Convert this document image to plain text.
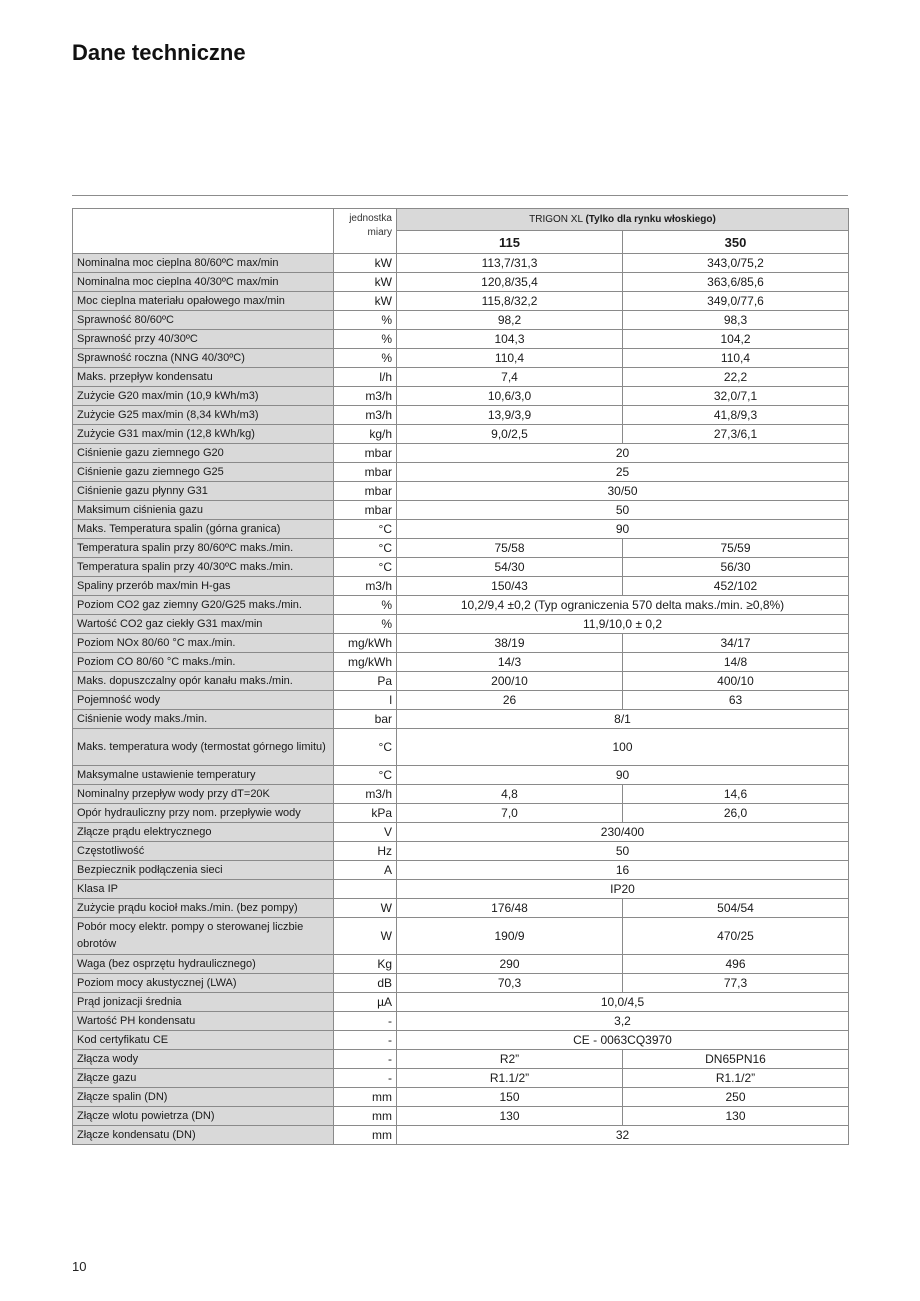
Dane techniczne
	jednostka miary	TRIGON XL (Tylko dla rynku włoskiego)	
		115	350
Nominalna moc cieplna 80/60ºC max/min	kW	113,7/31,3	343,0/75,2
Nominalna moc cieplna 40/30ºC max/min	kW	120,8/35,4	363,6/85,6
Moc cieplna materiału opałowego max/min	kW	115,8/32,2	349,0/77,6
Sprawność 80/60ºC	%	98,2	98,3
Sprawność przy 40/30ºC	%	104,3	104,2
Sprawność roczna (NNG 40/30ºC)	%	110,4	110,4
Maks. przepływ kondensatu	l/h	7,4	22,2
Zużycie G20 max/min (10,9 kWh/m3)	m3/h	10,6/3,0	32,0/7,1
Zużycie G25 max/min (8,34 kWh/m3)	m3/h	13,9/3,9	41,8/9,3
Zużycie G31 max/min (12,8 kWh/kg)	kg/h	9,0/2,5	27,3/6,1
Ciśnienie gazu ziemnego G20	mbar	20	
Ciśnienie gazu ziemnego G25	mbar	25	
Ciśnienie gazu płynny G31	mbar	30/50	
Maksimum ciśnienia gazu	mbar	50	
Maks. Temperatura spalin (górna granica)	°C	90	
Temperatura spalin przy 80/60ºC maks./min.	°C	75/58	75/59
Temperatura spalin przy 40/30ºC maks./min.	°C	54/30	56/30
Spaliny przerób max/min H-gas	m3/h	150/43	452/102
Poziom CO2 gaz ziemny G20/G25 maks./min.	%	10,2/9,4 ±0,2 (Typ ograniczenia 570 delta maks./min. ≥0,8%)	
Wartość CO2 gaz ciekły G31 max/min	%	11,9/10,0 ± 0,2	
Poziom NOx 80/60 °C max./min.	mg/kWh	38/19	34/17
Poziom CO 80/60 °C maks./min.	mg/kWh	14/3	14/8
Maks. dopuszczalny opór kanału maks./min.	Pa	200/10	400/10
Pojemność wody	l	26	63
Ciśnienie wody maks./min.	bar	8/1	
Maks. temperatura wody (termostat górnego limitu)	°C	100	
Maksymalne ustawienie temperatury	°C	90	
Nominalny przepływ wody przy dT=20K	m3/h	4,8	14,6
Opór hydrauliczny przy nom. przepływie wody	kPa	7,0	26,0
Złącze prądu elektrycznego	V	230/400	
Częstotliwość	Hz	50	
Bezpiecznik podłączenia sieci	A	16	
Klasa IP		IP20	
Zużycie prądu kocioł maks./min. (bez pompy)	W	176/48	504/54
Pobór mocy elektr. pompy o sterowanej liczbie obrotów	W	190/9	470/25
Waga (bez osprzętu hydraulicznego)	Kg	290	496
Poziom mocy akustycznej (LWA)	dB	70,3	77,3
Prąd jonizacji średnia	µA	10,0/4,5	
Wartość PH kondensatu	-	3,2	
Kod certyfikatu CE	-	CE - 0063CQ3970	
Złącza wody	-	R2”	DN65PN16
Złącze gazu	-	R1.1/2”	R1.1/2”
Złącze spalin (DN)	mm	150	250
Złącze wlotu powietrza (DN)	mm	130	130
Złącze kondensatu (DN)	mm	32	
10
